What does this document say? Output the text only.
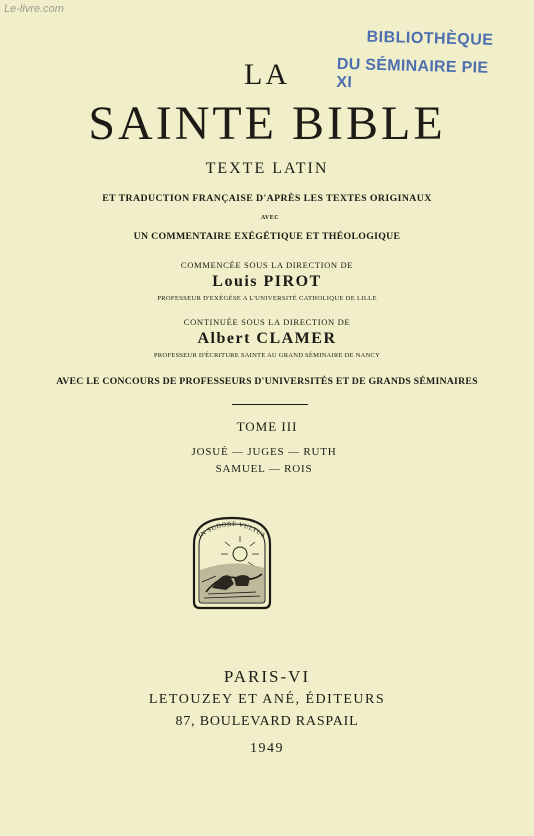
Le-livre.com
BIBLIOTHÈQUE
DU SÉMINAIRE PIE XI
LA
SAINTE BIBLE
TEXTE LATIN
ET TRADUCTION FRANÇAISE D'APRÈS LES TEXTES ORIGINAUX
AVEC
UN COMMENTAIRE EXÉGÉTIQUE ET THÉOLOGIQUE
COMMENCÉE SOUS LA DIRECTION DE
Louis PIROT
PROFESSEUR D'EXÉGÈSE A L'UNIVERSITÉ CATHOLIQUE DE LILLE
CONTINUÉE SOUS LA DIRECTION DE
Albert CLAMER
PROFESSEUR D'ÉCRITURE SAINTE AU GRAND SÉMINAIRE DE NANCY
AVEC LE CONCOURS DE PROFESSEURS D'UNIVERSITÉS ET DE GRANDS SÉMINAIRES
TOME III
JOSUÉ — JUGES — RUTH
SAMUEL — ROIS
IN SUDORE VULTUS
PARIS-VI
LETOUZEY ET ANÉ, ÉDITEURS
87, BOULEVARD RASPAIL
1949
